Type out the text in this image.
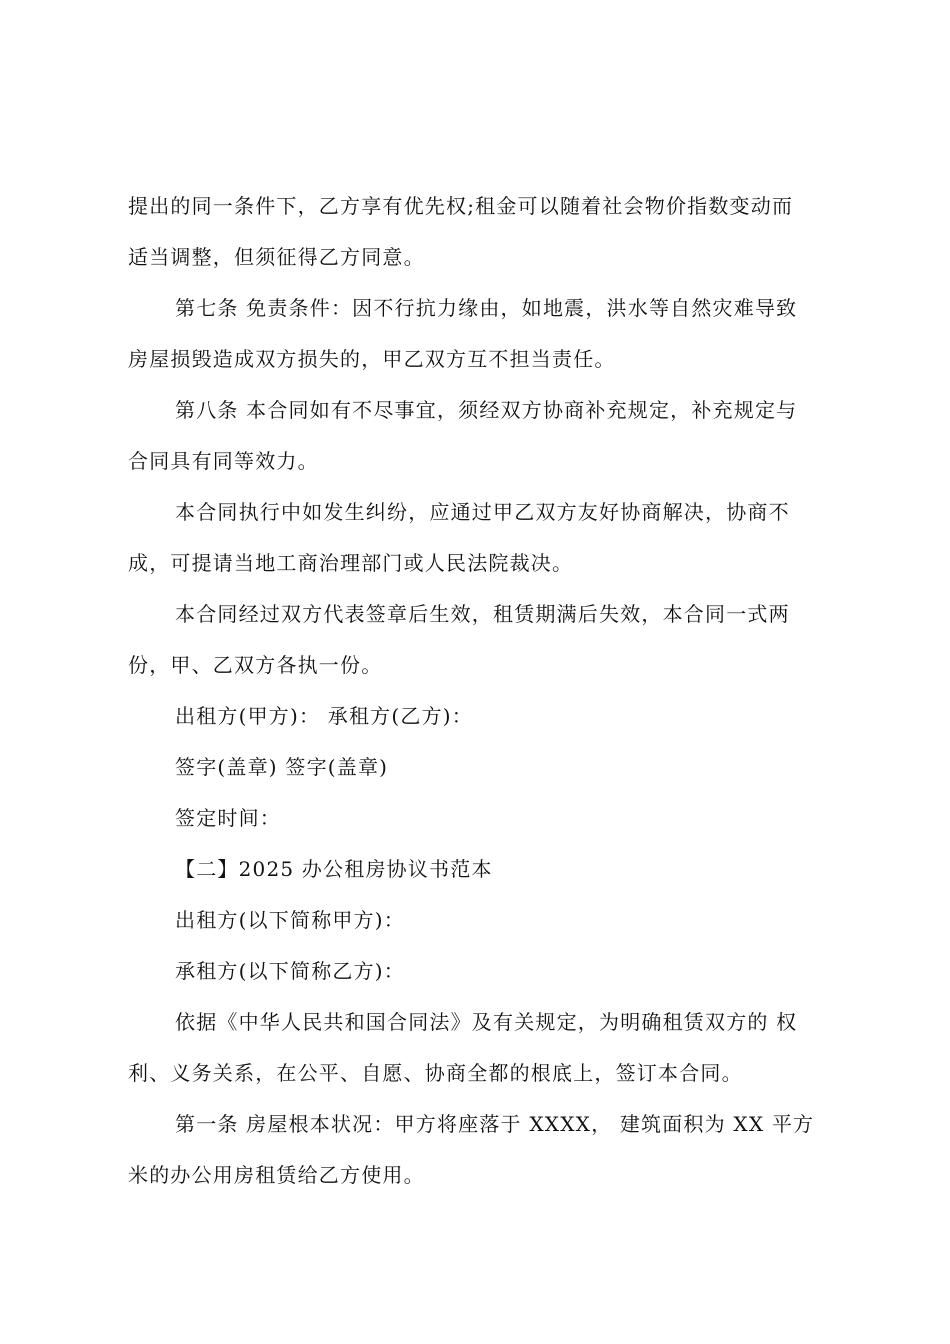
提出的同一条件下，乙方享有优先权;租金可以随着社会物价指数变动而
适当调整，但须征得乙方同意。
第七条 免责条件：因不行抗力缘由，如地震，洪水等自然灾难导致
房屋损毁造成双方损失的，甲乙双方互不担当责任。
第八条 本合同如有不尽事宜，须经双方协商补充规定，补充规定与
合同具有同等效力。
本合同执行中如发生纠纷，应通过甲乙双方友好协商解决，协商不
成，可提请当地工商治理部门或人民法院裁决。
本合同经过双方代表签章后生效，租赁期满后失效，本合同一式两
份，甲、乙双方各执一份。
出租方(甲方)： 承租方(乙方)：
签字(盖章) 签字(盖章)
签定时间：
【二】2025 办公租房协议书范本
出租方(以下简称甲方)：
承租方(以下简称乙方)：
依据《中华人民共和国合同法》及有关规定，为明确租赁双方的 权
利、义务关系，在公平、自愿、协商全都的根底上，签订本合同。
第一条 房屋根本状况：甲方将座落于 XXXX， 建筑面积为 XX 平方
米的办公用房租赁给乙方使用。
